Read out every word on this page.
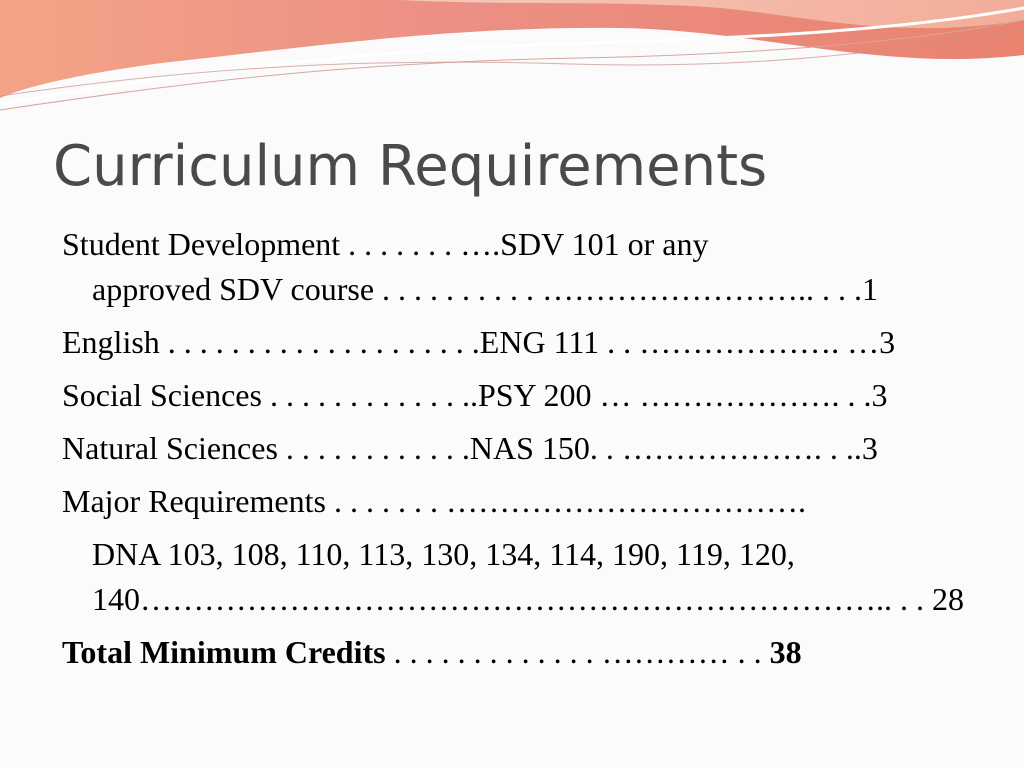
Curriculum Requirements

Student Development . . . . . . . ….SDV 101 or any

approved SDV course . . . . . . . . . . …………………….. . . .1

English . . . . . . . . . . . . . . . . . . . .ENG 111 . . ………………. …3

Social Sciences . . . . . . . . . . . . ..PSY 200 … ………………. . .3

Natural Sciences . . . . . . . . . . . .NAS 150. . ………………. . ..3

Major Requirements . . . . . . . …………………………….

DNA 103, 108, 110, 113, 130, 134, 114, 190, 119, 120,

140…………………………………………………………….. . . 28

Total Minimum Credits . . . . . . . . . . . . . ………… . . 38
